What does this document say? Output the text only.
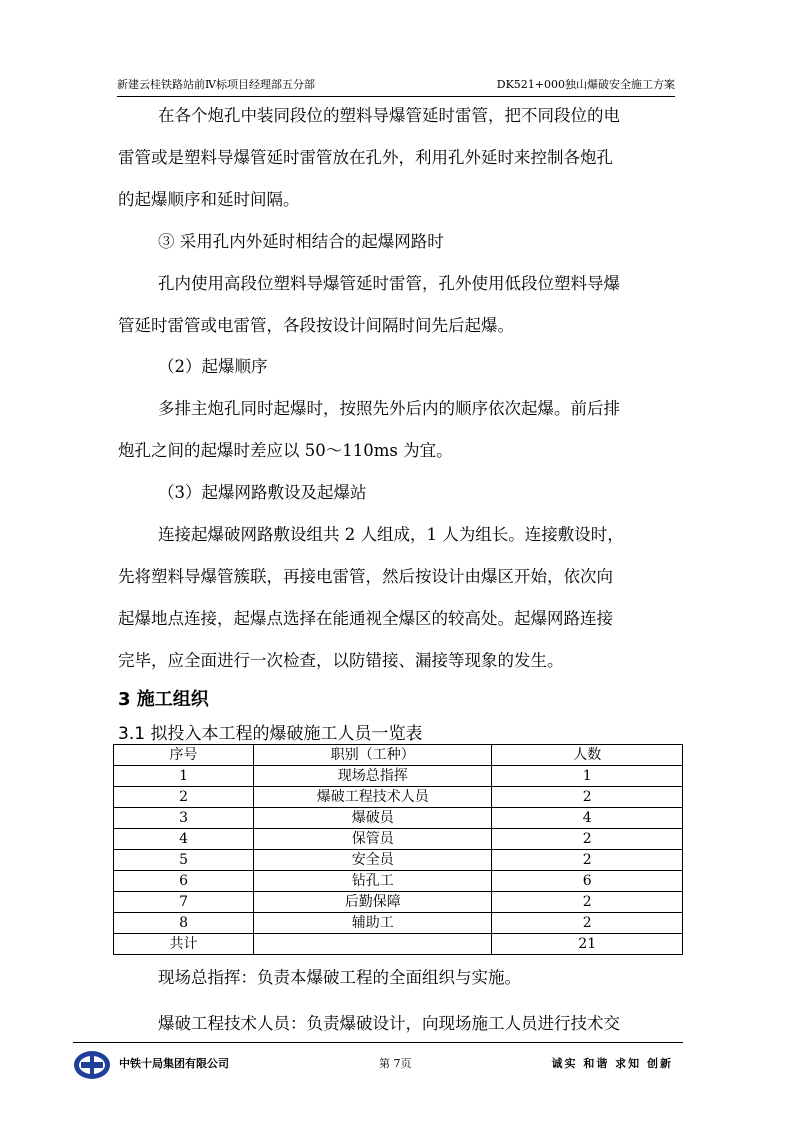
新建云桂铁路站前Ⅳ标项目经理部五分部	DK521+000独山爆破安全施工方案
在各个炮孔中装同段位的塑料导爆管延时雷管，把不同段位的电
雷管或是塑料导爆管延时雷管放在孔外，利用孔外延时来控制各炮孔
的起爆顺序和延时间隔。
③ 采用孔内外延时相结合的起爆网路时
孔内使用高段位塑料导爆管延时雷管，孔外使用低段位塑料导爆
管延时雷管或电雷管，各段按设计间隔时间先后起爆。
（2）起爆顺序
多排主炮孔同时起爆时，按照先外后内的顺序依次起爆。前后排
炮孔之间的起爆时差应以 50～110ms 为宜。
（3）起爆网路敷设及起爆站
连接起爆破网路敷设组共 2 人组成，1 人为组长。连接敷设时，
先将塑料导爆管簇联，再接电雷管，然后按设计由爆区开始，依次向
起爆地点连接，起爆点选择在能通视全爆区的较高处。起爆网路连接
完毕，应全面进行一次检查，以防错接、漏接等现象的发生。
3 施工组织
3.1 拟投入本工程的爆破施工人员一览表
序号	职别（工种）	人数
1	现场总指挥	1
2	爆破工程技术人员	2
3	爆破员	4
4	保管员	2
5	安全员	2
6	钻孔工	6
7	后勤保障	2
8	辅助工	2
共计		21
现场总指挥：负责本爆破工程的全面组织与实施。
爆破工程技术人员：负责爆破设计，向现场施工人员进行技术交
中铁十局集团有限公司	第 7页	诚实 和谐 求知 创新
